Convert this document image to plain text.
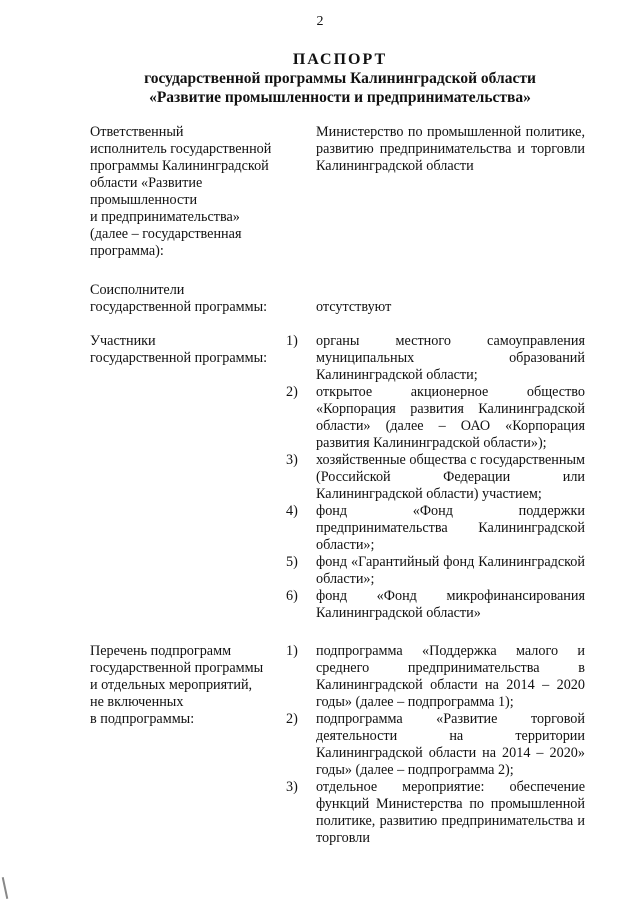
2
ПАСПОРТ
государственной программы Калининградской области
«Развитие промышленности и предпринимательства»
Ответственный
исполнитель государственной
программы Калининградской
области «Развитие
промышленности
и предпринимательства»
(далее – государственная
программа):
Министерство по промышленной политике, развитию предпринимательства и торговли Калининградской области
Соисполнители
государственной программы:	отсутствуют
Участники
государственной программы:
1) органы местного самоуправления муниципальных образований Калининградской области;
2) открытое акционерное общество «Корпорация развития Калининградской области» (далее – ОАО «Корпорация развития Калининградской области»);
3) хозяйственные общества с государственным (Российской Федерации или Калининградской области) участием;
4) фонд «Фонд поддержки предпринимательства Калининградской области»;
5) фонд «Гарантийный фонд Калининградской области»;
6) фонд «Фонд микрофинансирования Калининградской области»
Перечень подпрограмм
государственной программы
и отдельных мероприятий,
не включенных
в подпрограммы:
1) подпрограмма «Поддержка малого и среднего предпринимательства в Калининградской области на 2014 – 2020 годы» (далее – подпрограмма 1);
2) подпрограмма «Развитие торговой деятельности на территории Калининградской области на 2014 – 2020» годы» (далее – подпрограмма 2);
3) отдельное мероприятие: обеспечение функций Министерства по промышленной политике, развитию предпринимательства и торговли
